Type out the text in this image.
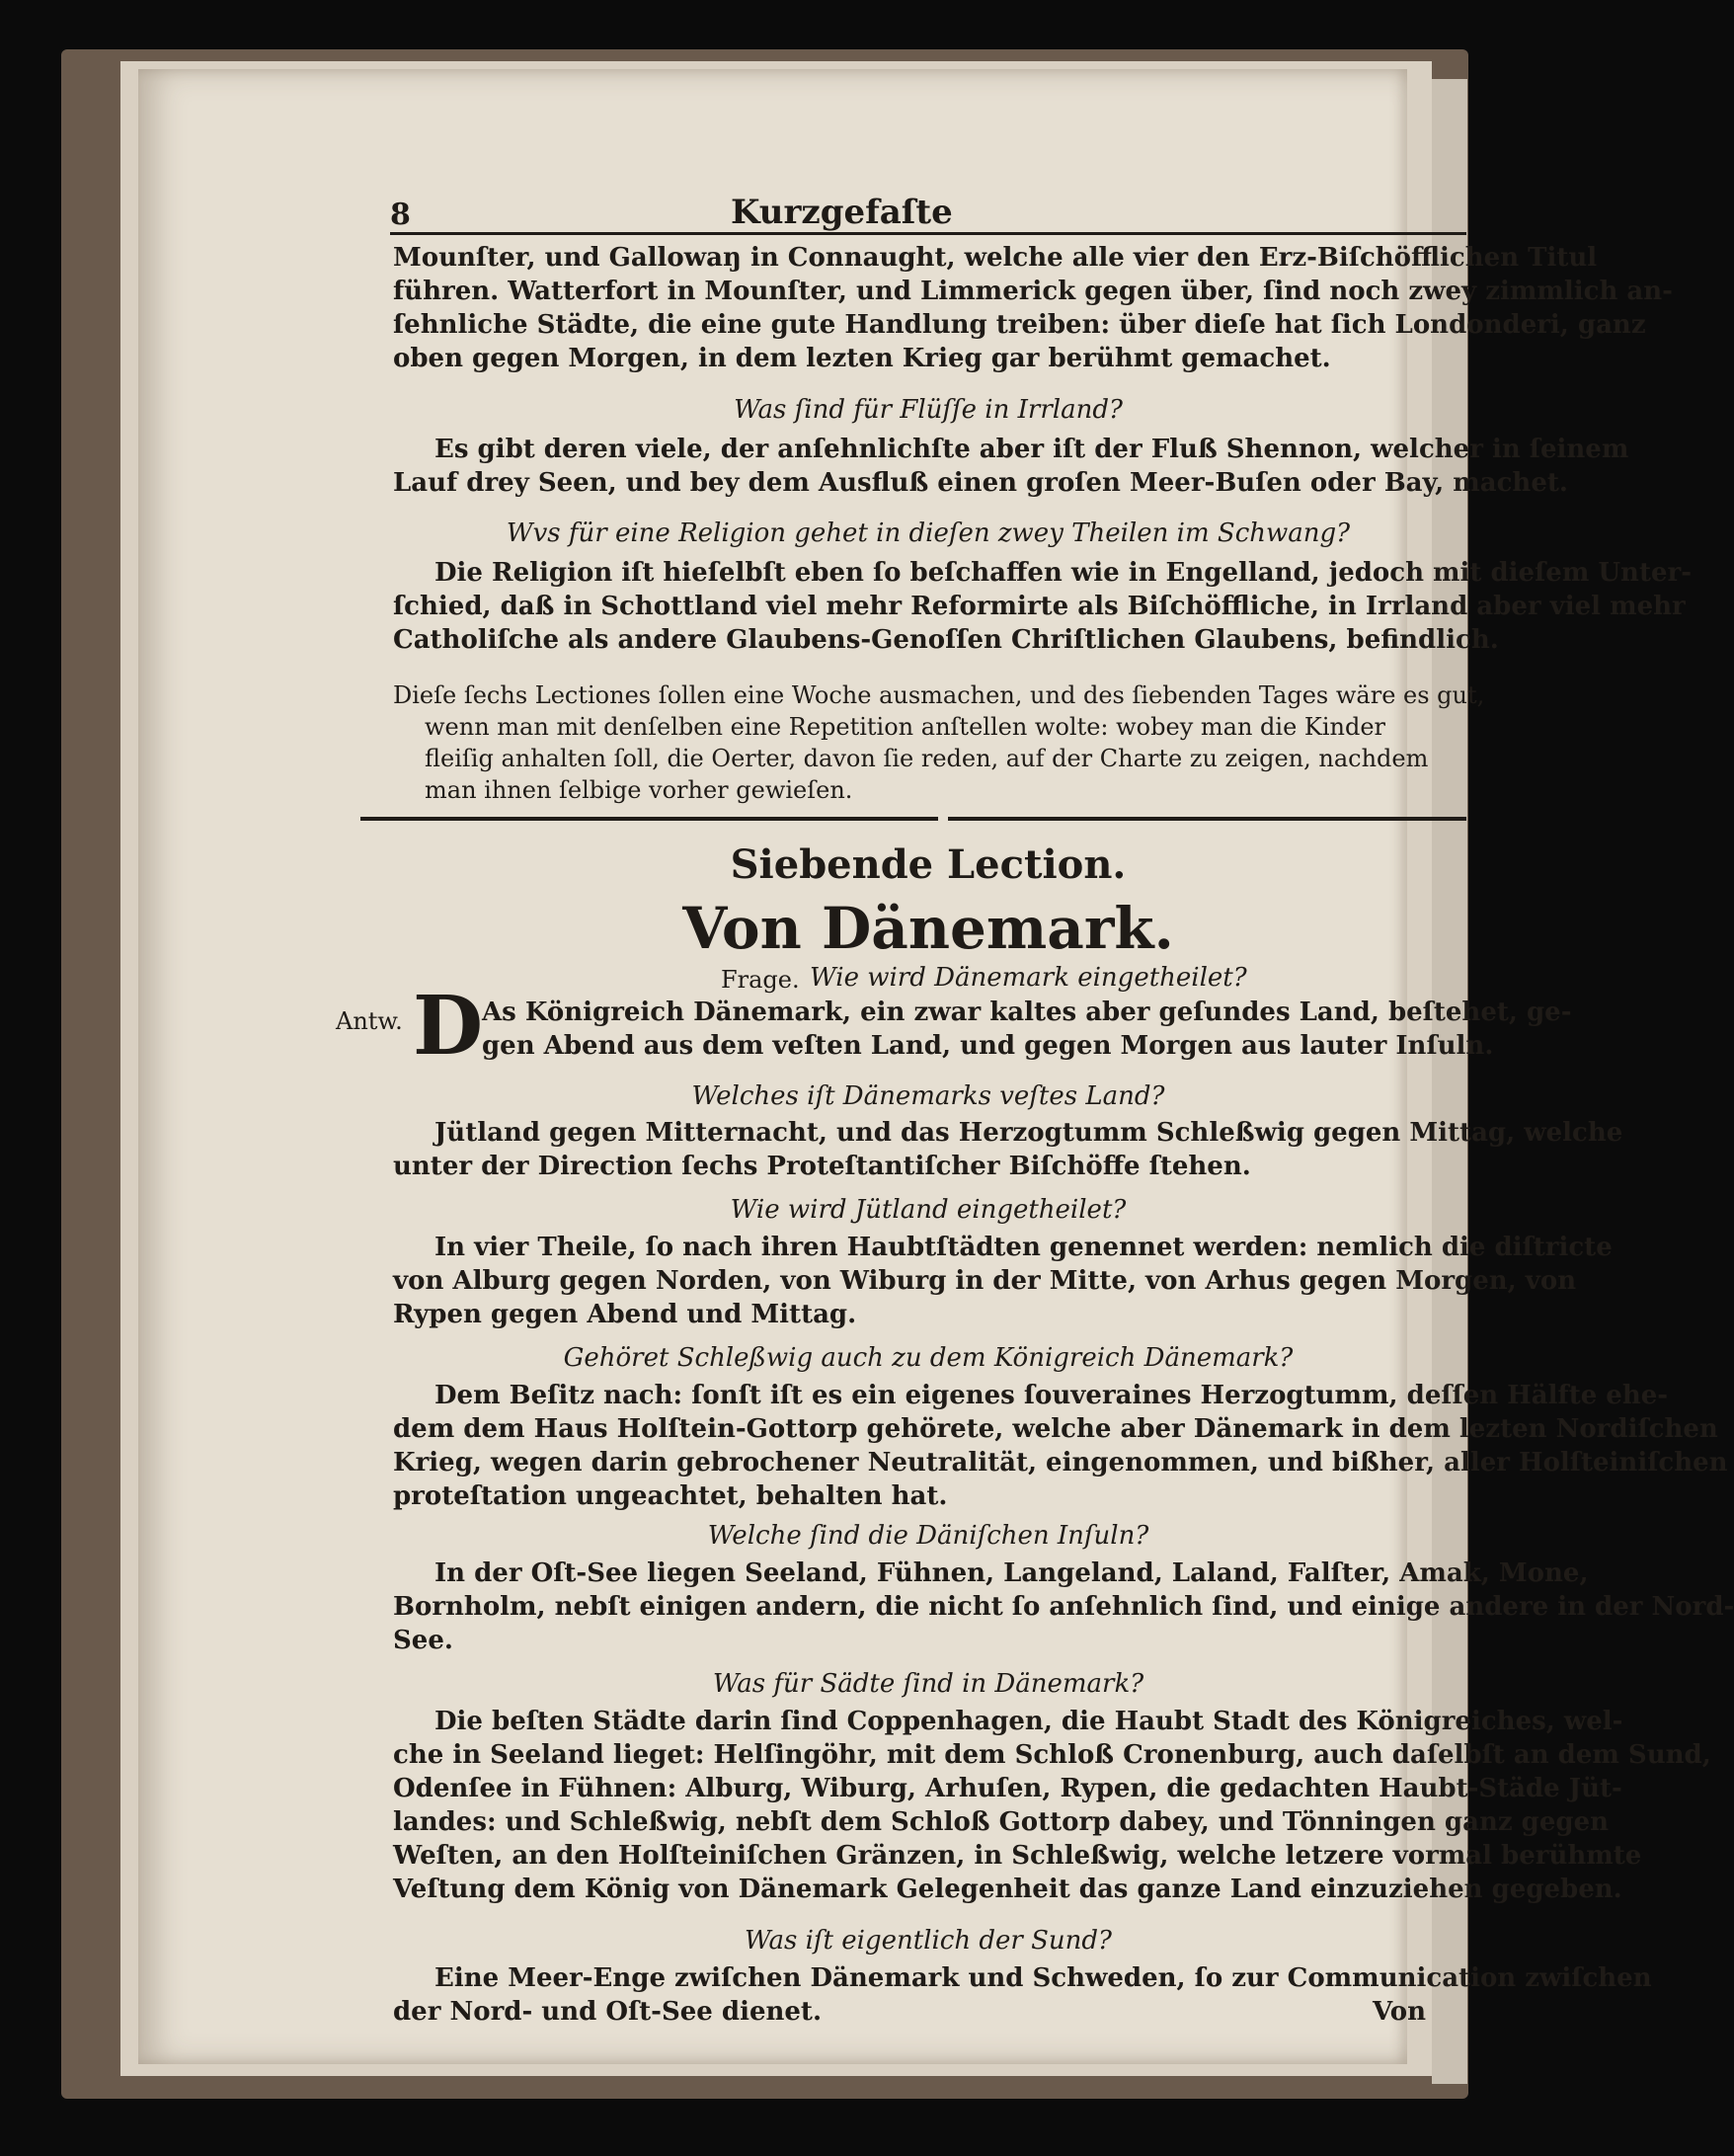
8	Kurzgefaſte
Mounſter, und Gallowaŋ in Connaught, welche alle vier den Erz-Biſchöfflichen Titul
führen. Watterfort in Mounſter, und Limmerick gegen über, ſind noch zwey zimmlich an-
ſehnliche Städte, die eine gute Handlung treiben: über dieſe hat ſich Londonderi, ganz
oben gegen Morgen, in dem lezten Krieg gar berühmt gemachet.
Was ſind für Flüſſe in Irrland?
Es gibt deren viele, der anſehnlichſte aber iſt der Fluß Shennon, welcher in ſeinem
Lauf drey Seen, und bey dem Ausfluß einen groſen Meer-Buſen oder Bay, machet.
Wvs für eine Religion gehet in dieſen zwey Theilen im Schwang?
Die Religion iſt hieſelbſt eben ſo beſchaffen wie in Engelland, jedoch mit dieſem Unter-
ſchied, daß in Schottland viel mehr Reformirte als Biſchöffliche, in Irrland aber viel mehr
Catholiſche als andere Glaubens-Genoſſen Chriſtlichen Glaubens, befindlich.
Dieſe ſechs Lectiones ſollen eine Woche ausmachen, und des ſiebenden Tages wäre es gut,
wenn man mit denſelben eine Repetition anſtellen wolte: wobey man die Kinder
fleiſig anhalten ſoll, die Oerter, davon ſie reden, auf der Charte zu zeigen, nachdem
man ihnen ſelbige vorher gewieſen.
Siebende Lection.
Von Dänemark.
Frage. Wie wird Dänemark eingetheilet?
Antw. D
As Königreich Dänemark, ein zwar kaltes aber geſundes Land, beſtehet, ge-
gen Abend aus dem veſten Land, und gegen Morgen aus lauter Inſuln.
Welches iſt Dänemarks veſtes Land?
Jütland gegen Mitternacht, und das Herzogtumm Schleßwig gegen Mittag, welche
unter der Direction ſechs Proteſtantiſcher Biſchöffe ſtehen.
Wie wird Jütland eingetheilet?
In vier Theile, ſo nach ihren Haubtſtädten genennet werden: nemlich die diſtricte
von Alburg gegen Norden, von Wiburg in der Mitte, von Arhus gegen Morgen, von
Rypen gegen Abend und Mittag.
Gehöret Schleßwig auch zu dem Königreich Dänemark?
Dem Beſitz nach: ſonſt iſt es ein eigenes ſouveraines Herzogtumm, deſſen Hälfte ehe-
dem dem Haus Holſtein-Gottorp gehörete, welche aber Dänemark in dem lezten Nordiſchen
Krieg, wegen darin gebrochener Neutralität, eingenommen, und bißher, aller Holſteiniſchen
proteſtation ungeachtet, behalten hat.
Welche ſind die Däniſchen Inſuln?
In der Oſt-See liegen Seeland, Fühnen, Langeland, Laland, Falſter, Amak, Mone,
Bornholm, nebſt einigen andern, die nicht ſo anſehnlich ſind, und einige andere in der Nord-
See.
Was für Sädte ſind in Dänemark?
Die beſten Städte darin ſind Coppenhagen, die Haubt Stadt des Königreiches, wel-
che in Seeland lieget: Helſingöhr, mit dem Schloß Cronenburg, auch daſelbſt an dem Sund,
Odenſee in Fühnen: Alburg, Wiburg, Arhuſen, Rypen, die gedachten Haubt-Städe Jüt-
landes: und Schleßwig, nebſt dem Schloß Gottorp dabey, und Tönningen ganz gegen
Weſten, an den Holſteiniſchen Gränzen, in Schleßwig, welche letzere vormal berühmte
Veſtung dem König von Dänemark Gelegenheit das ganze Land einzuziehen gegeben.
Was iſt eigentlich der Sund?
Eine Meer-Enge zwiſchen Dänemark und Schweden, ſo zur Communication zwiſchen
der Nord- und Oſt-See dienet.	Von
